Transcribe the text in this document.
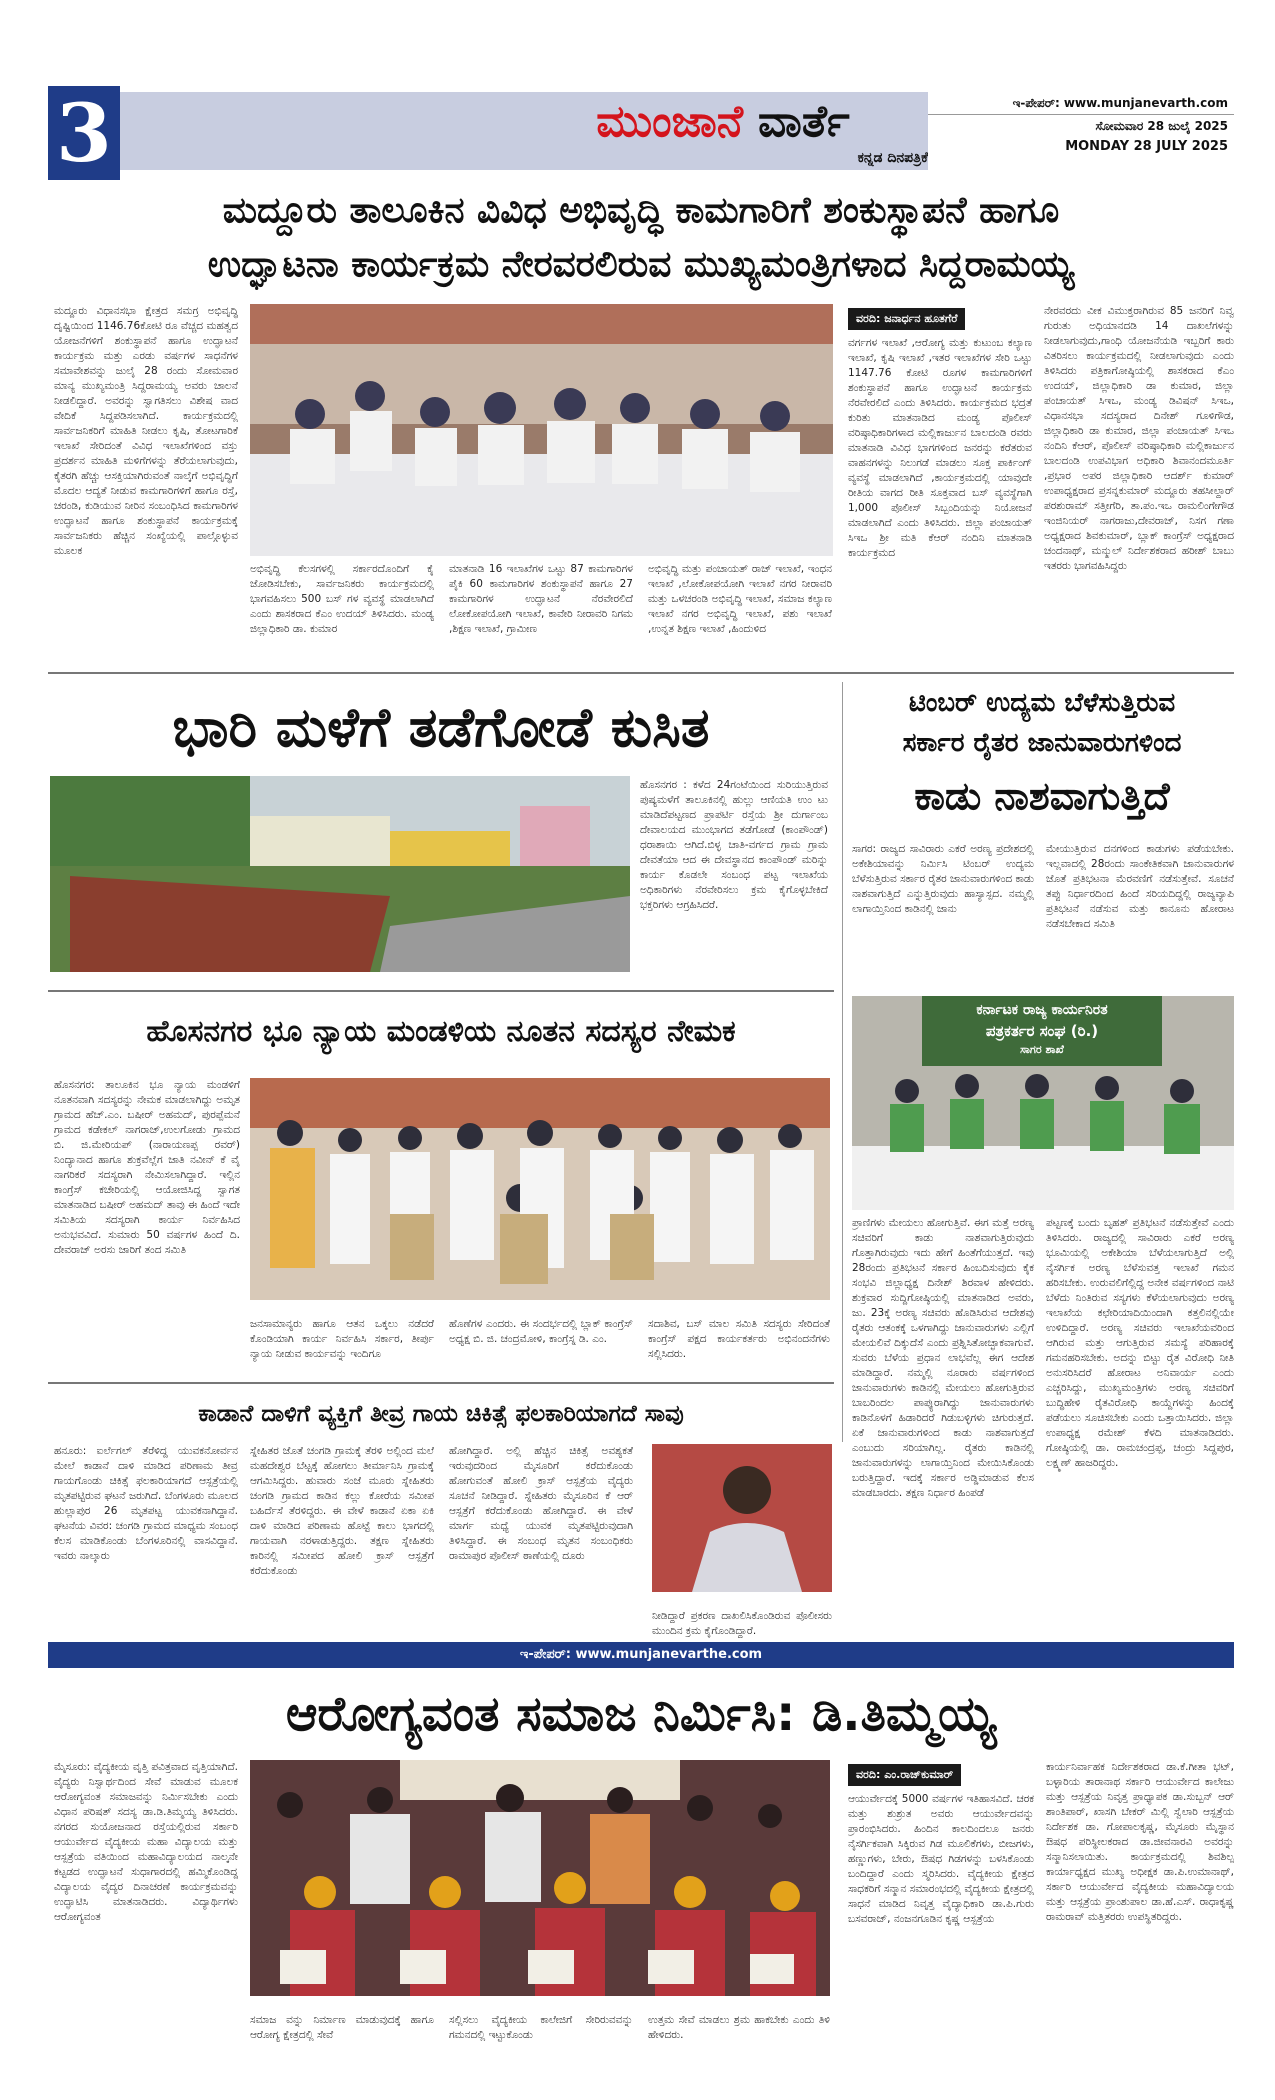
3	ಮುಂಜಾನೆ ವಾರ್ತೆ
ಕನ್ನಡ ದಿನಪತ್ರಿಕೆ
ಇ-ಪೇಪರ್: www.munjanevarth.com
ಸೋಮವಾರ 28 ಜುಲೈ 2025
MONDAY 28 JULY 2025
ಮದ್ದೂರು ತಾಲೂಕಿನ ವಿವಿಧ ಅಭಿವೃದ್ಧಿ ಕಾಮಗಾರಿಗೆ ಶಂಕುಸ್ಥಾಪನೆ ಹಾಗೂ
ಉದ್ಘಾಟನಾ ಕಾರ್ಯಕ್ರಮ ನೇರವರಲಿರುವ ಮುಖ್ಯಮಂತ್ರಿಗಳಾದ ಸಿದ್ದರಾಮಯ್ಯ

ಮದ್ದೂರು ವಿಧಾನಸಭಾ ಕ್ಷೇತ್ರದ ಸಮಗ್ರ ಅಭಿವೃದ್ಧಿ ದೃಷ್ಟಿಯಿಂದ 1146.76ಕೋಟಿ ರೂ ವೆಚ್ಚದ ಮಹತ್ವದ ಯೋಜನೆಗಳಿಗೆ ಶಂಕುಸ್ಥಾಪನೆ ಹಾಗೂ ಉದ್ಘಾಟನೆ ಕಾರ್ಯಕ್ರಮ ಮತ್ತು ಎರಡು ವರ್ಷಗಳ ಸಾಧನೆಗಳ ಸಮಾವೇಶವನ್ನು ಜುಲೈ 28 ರಂದು ಸೋಮವಾರ ಮಾನ್ಯ ಮುಖ್ಯಮಂತ್ರಿ ಸಿದ್ದರಾಮಯ್ಯ ಅವರು ಚಾಲನೆ ನೀಡಲಿದ್ದಾರೆ. ಅವರನ್ನು ಸ್ವಾಗತಿಸಲು ವಿಶೇಷ ವಾದ ವೇದಿಕೆ ಸಿದ್ದಪಡಿಸಲಾಗಿದೆ. ಕಾರ್ಯಕ್ರಮದಲ್ಲಿ ಸಾರ್ವಜನಿಕರಿಗೆ ಮಾಹಿತಿ ನೀಡಲು ಕೃಷಿ, ತೋಟಗಾರಿಕೆ ಇಲಾಖೆ ಸೇರಿದಂತೆ ವಿವಿಧ ಇಲಾಖೆಗಳಿಂದ ವಸ್ತು ಪ್ರದರ್ಶನ ಮಾಹಿತಿ ಮಳಿಗೆಗಳನ್ನು ತೆರೆಯಲಾಗುವುದು, ಕೈತರಗಿ ಹೆಚ್ಚು ಆಸಕ್ತಿಯಾಗಿರುವಂತೆ ನಾಲ್ಕೆಗೆ ಅಭಿವೃದ್ಧಿಗೆ ಮೊದಲ ಆದ್ಯತೆ ನೀಡುವ ಕಾಮಗಾರಿಗಳಿಗೆ ಹಾಗೂ ರಸ್ತೆ, ಚರಂಡಿ, ಕುಡಿಯುವ ನೀರಿನ ಸಂಬಂಧಿಸಿದ ಕಾಮಗಾರಿಗಳ ಉದ್ಘಾಟನೆ ಹಾಗೂ ಶಂಕುಸ್ಥಾಪನೆ ಕಾರ್ಯಕ್ರಮಕ್ಕೆ ಸಾರ್ವಜನಿಕರು ಹೆಚ್ಚಿನ ಸಂಖ್ಯೆಯಲ್ಲಿ ಪಾಲ್ಗೊಳ್ಳುವ ಮೂಲಕ

ಅಭಿವೃದ್ಧಿ ಕೆಲಸಗಳಲ್ಲಿ ಸರ್ಕಾರದೊಂದಿಗೆ ಕೈ ಜೋಡಿಸಬೇಕು, ಸಾರ್ವಜನಿಕರು ಕಾರ್ಯಕ್ರಮದಲ್ಲಿ ಭಾಗವಹಿಸಲು 500 ಬಸ್ ಗಳ ವ್ಯವಸ್ಥೆ ಮಾಡಲಾಗಿದೆ ಎಂದು ಶಾಸಕರಾದ ಕೆಎಂ ಉದಯ್ ತಿಳಿಸಿದರು. ಮಂಡ್ಯ ಜಿಲ್ಲಾಧಿಕಾರಿ ಡಾ. ಕುಮಾರ

ಮಾತನಾಡಿ 16 ಇಲಾಖೆಗಳ ಒಟ್ಟು 87 ಕಾಮಗಾರಿಗಳ ಪೈಕಿ 60 ಕಾಮಗಾರಿಗಳ ಶಂಕುಸ್ಥಾಪನೆ ಹಾಗೂ 27 ಕಾಮಗಾರಿಗಳ ಉದ್ಘಾಟನೆ ನೆರವೇರಲಿದೆ ಲೋಕೋಪಯೋಗಿ ಇಲಾಖೆ, ಕಾವೇರಿ ನೀರಾವರಿ ನಿಗಮ ,ಶಿಕ್ಷಣ ಇಲಾಖೆ, ಗ್ರಾಮೀಣ

ಅಭಿವೃದ್ಧಿ ಮತ್ತು ಪಂಚಾಯತ್ ರಾಜ್ ಇಲಾಖೆ, ಇಂಧನ ಇಲಾಖೆ ,ಲೋಕೋಪಯೋಗಿ ಇಲಾಖೆ ನಗರ ನೀರಾವರಿ ಮತ್ತು ಒಳಚರಂಡಿ ಅಭಿವೃದ್ಧಿ ಇಲಾಖೆ, ಸಮಾಜ ಕಲ್ಯಾಣ ಇಲಾಖೆ ನಗರ ಅಭಿವೃದ್ಧಿ ಇಲಾಖೆ, ಪಶು ಇಲಾಖೆ ,ಉನ್ನತ ಶಿಕ್ಷಣ ಇಲಾಖೆ ,ಹಿಂದುಳಿದ

ವರದಿ: ಜನಾರ್ಧನ ಹೂತಗೆರೆ

ವರ್ಗಗಳ ಇಲಾಖೆ ,ಆರೋಗ್ಯ ಮತ್ತು ಕುಟುಂಬ ಕಲ್ಯಾಣ ಇಲಾಖೆ, ಕೃಷಿ ಇಲಾಖೆ ,ಇತರ ಇಲಾಖೆಗಳ ಸೇರಿ ಒಟ್ಟು 1147.76 ಕೋಟಿ ರೂಗಳ ಕಾಮಗಾರಿಗಳಿಗೆ ಶಂಕುಸ್ಥಾಪನೆ ಹಾಗೂ ಉದ್ಘಾಟನೆ ಕಾರ್ಯಕ್ರಮ ನೆರವೇರಲಿದೆ ಎಂದು ತಿಳಿಸಿದರು. ಕಾರ್ಯಕ್ರಮದ ಭದ್ರತೆ ಕುರಿತು ಮಾತನಾಡಿದ ಮಂಡ್ಯ ಪೊಲೀಸ್ ವರಿಷ್ಠಾಧಿಕಾರಿಗಳಾದ ಮಲ್ಲಿಕಾರ್ಜುನ ಬಾಲದಂಡಿ ರವರು ಮಾತನಾಡಿ ವಿವಿಧ ಭಾಗಗಳಿಂದ ಜನರನ್ನು ಕರೆತರುವ ವಾಹನಗಳನ್ನು ನಿಲುಗಡೆ ಮಾಡಲು ಸೂಕ್ತ ಪಾರ್ಕಿಂಗ್ ವ್ಯವಸ್ಥೆ ಮಾಡಲಾಗಿದೆ ,ಕಾರ್ಯಕ್ರಮದಲ್ಲಿ ಯಾವುದೇ ರೀತಿಯ ವಾಗದ ರೀತಿ ಸೂಕ್ತವಾದ ಬಸ್ ವ್ಯವಸ್ಥೆಗಾಗಿ 1,000 ಪೊಲೀಸ್ ಸಿಬ್ಬಂದಿಯನ್ನು ನಿಯೋಜನೆ ಮಾಡಲಾಗಿದೆ ಎಂದು ತಿಳಿಸಿದರು. ಜಿಲ್ಲಾ ಪಂಚಾಯತ್ ಸಿಇಒ ಶ್ರೀ ಮತಿ ಕೆಆರ್ ನಂದಿನಿ ಮಾತನಾಡಿ ಕಾರ್ಯಕ್ರಮದ

ನೇರವರದು ವೀಕ ವಿಮುಕ್ತರಾಗಿರುವ 85 ಜನರಿಗೆ ನಿವ್ವ ಗುರುತು ಅಧಿಯಾನದಡಿ 14 ದಾಖಲೆಗಳನ್ನು ನೀಡಲಾಗುವುದು,ಗಾಂಧಿ ಯೋಜನೆಯಡಿ ಇಬ್ಬರಿಗೆ ಕಾರು ವಿತರಿಸಲು ಕಾರ್ಯಕ್ರಮದಲ್ಲಿ ನೀಡಲಾಗುವುದು ಎಂದು ತಿಳಿಸಿದರು ಪತ್ರಿಕಾಗೋಷ್ಠಿಯಲ್ಲಿ ಶಾಸಕರಾದ ಕೆಎಂ ಉದಯ್, ಜಿಲ್ಲಾಧಿಕಾರಿ ಡಾ ಕುಮಾರ, ಜಿಲ್ಲಾ ಪಂಚಾಯತ್ ಸಿಇಒ, ಮಂಡ್ಯ ಡಿವಿಷನ್ ಸಿಇಒ, ವಿಧಾನಸಭಾ ಸದಸ್ಯರಾದ ದಿನೇಶ್ ಗೂಳಿಗೌಡ, ಜಿಲ್ಲಾಧಿಕಾರಿ ಡಾ ಕುಮಾರ, ಜಿಲ್ಲಾ ಪಂಚಾಯತ್ ಸಿಇಒ ನಂದಿನಿ ಕೆಆರ್, ಪೊಲೀಸ್ ವರಿಷ್ಠಾಧಿಕಾರಿ ಮಲ್ಲಿಕಾರ್ಜುನ ಬಾಲದಂಡಿ ಉಪವಿಭಾಗ ಅಧಿಕಾರಿ ಶಿವಾನಂದಮೂರ್ತಿ ,ಪ್ರಭಾರ ಅಪರ ಜಿಲ್ಲಾಧಿಕಾರಿ ಆದರ್ಶ್ ಕುಮಾರ್ ಉಪಾಧ್ಯಕ್ಷರಾದ ಪ್ರಸನ್ನಕುಮಾರ್ ಮದ್ದೂರು ತಹಸೀಲ್ದಾರ್ ಪರಶುರಾಮ್ ಸತ್ತೀಗೆರಿ, ತಾ.ಪಂ.ಇಒ ರಾಮಲಿಂಗೇಗೌಡ ಇಂಜಿನಿಯರ್ ನಾಗರಾಜು,ದೇವರಾಜ್, ನಿಸಗ ಗಣಾ ಅಧ್ಯಕ್ಷರಾದ ಶಿವಕುಮಾರ್, ಬ್ಲಾಕ್ ಕಾಂಗ್ರೆಸ್ ಅಧ್ಯಕ್ಷರಾದ ಚಂದನಾಥ್, ಮನ್ಮುಲ್ ನಿರ್ದೇಶಕರಾದ ಹರೀಶ್ ಬಾಬು ಇತರರು ಭಾಗವಹಿಸಿದ್ದರು

ಭಾರಿ ಮಳೆಗೆ ತಡೆಗೋಡೆ ಕುಸಿತ

ಹೊಸನಗರ : ಕಳೆದ 24ಗಂಟೆಯಿಂದ ಸುರಿಯುತ್ತಿರುವ ಪುಷ್ಯಮಳೆಗೆ ತಾಲೂಕಿನಲ್ಲಿ ಹುಲ್ಲು ಆಣಿಯತಿ ಉಂ ಟು ಮಾಡಿದೆಪಟ್ಟಣದ ಪ್ರಾಪರ್ಟಿ ರಸ್ತೆಯ ಶ್ರೀ ದುರ್ಗಾಂಬ ದೇವಾಲಯದ ಮುಂಭಾಗದ ತಡೆಗೋಡೆ (ಕಾಂಪೌಂಡ್) ಧರಾಶಾಯಿ ಆಗಿದೆ.ಬಿಳ್ಳ ಚಾತಿ-ವರ್ಗದ ಗ್ರಾಮ ಗ್ರಾಮ ದೇವತೆಯಾ ಆದ ಈ ದೇವಸ್ಥಾನದ ಕಾಂಪೌಂಡ್ ಮರಿನ್ನು ಕಾರ್ಯ ಕೊಡಲೇ ಸಂಬಂಧ ಪಟ್ಟ ಇಲಾಖೆಯ ಅಧಿಕಾರಿಗಳು ನೆರವೇರಿಸಲು ಕ್ರಮ ಕೈಗೊಳ್ಳಬೇಕಿದೆ ಭಕ್ತರಿಗಳು ಆಗ್ರಹಿಸಿದರೆ.

ಟಿಂಬರ್ ಉದ್ಯಮ ಬೆಳೆಸುತ್ತಿರುವ
ಸರ್ಕಾರ ರೈತರ ಜಾನುವಾರುಗಳಿಂದ
ಕಾಡು ನಾಶವಾಗುತ್ತಿದೆ

ಸಾಗರ: ರಾಜ್ಯದ ಸಾವಿರಾರು ಎಕರೆ ಅರಣ್ಯ ಪ್ರದೇಶದಲ್ಲಿ ಅಕೇಶಿಯಾವನ್ನು ನಿರ್ಮಿಸಿ ಟಿಂಬರ್ ಉದ್ಯಮ ಬೆಳೆಸುತ್ತಿರುವ ಸರ್ಕಾರ ರೈತರ ಜಾನುವಾರುಗಳಿಂದ ಕಾಡು ನಾಶವಾಗುತ್ತಿದೆ ಎನ್ನುತ್ತಿರುವುದು ಹಾಸ್ಯಾಸ್ಪದ. ನಮ್ಮಲ್ಲಿ ಲಾಗಾಯ್ತಿನಿಂದ ಕಾಡಿನಲ್ಲಿ ಜಾನು

ಮೇಯುತ್ತಿರುವ ದನಗಳಿಂದ ಕಾಡುಗಳು ಪಡೆಯಬೇಕು. ಇಲ್ಲವಾದಲ್ಲಿ 28ರಂದು ಸಾಂಕೇತಿಕವಾಗಿ ಜಾನುವಾರುಗಳ ಜೊತೆ ಪ್ರತಿಭಟನಾ ಮೆರವಣಿಗೆ ನಡೆಸುತ್ತೇವೆ. ಸೂಚನೆ ತಪ್ಪು ನಿರ್ಧಾರದಿಂದ ಹಿಂದೆ ಸರಿಯದಿದ್ದಲ್ಲಿ ರಾಜ್ಯವ್ಯಾಪಿ ಪ್ರತಿಭಟನೆ ನಡೆಸುವ ಮತ್ತು ಕಾನೂನು ಹೋರಾಟ ನಡೆಸಬೇಕಾದ ಸಮಿತಿ

ಕರ್ನಾಟಕ ರಾಜ್ಯ ಕಾರ್ಯನಿರತ
ಪತ್ರಕರ್ತರ ಸಂಘ (ರಿ.)
ಸಾಗರ ಶಾಖೆ

ಪ್ರಾಣಿಗಳು ಮೇಯಲು ಹೋಗುತ್ತಿವೆ. ಈಗ ಮತ್ತೆ ಅರಣ್ಯ ಸಚಿವರಿಗೆ ಕಾಡು ನಾಶವಾಗುತ್ತಿರುವುದು ಗೊತ್ತಾಗಿರುವುದು ಇದು ಹೇಗೆ ಹಿಂತೆಗೆಯುತ್ತದೆ. ಇವು 28ರಂದು ಪ್ರತಿಭಟನೆ ಸರ್ಕಾರ ಹಿಂಬದಿಸುವುದು ಕೈಕ ಸಂಭವಿ ಜಿಲ್ಲಾಧ್ಯಕ್ಷ ದಿನೇಶ್ ಶಿರವಾಳ ಹೇಳಿದರು. ಶುಕ್ರವಾರ ಸುದ್ದಿಗೋಷ್ಠಿಯಲ್ಲಿ ಮಾತನಾಡಿದ ಅವರು, ಜು. 23ಕ್ಕೆ ಅರಣ್ಯ ಸಚಿವರು ಹೊಡಿಸಿರುವ ಆದೇಶವು ರೈತರು ಆತಂಕಕ್ಕೆ ಒಳಗಾಗಿದ್ದು ಜಾನುವಾರುಗಳು ಎಲ್ಲಿಗೆ ಮೇಯಲಿವೆ ದಿಕ್ಕುದೆಸೆ ಎಂದು ಪ್ರಶ್ನಿಸಿತೋಚ್ಛಾಕವಾಗುವೆ. ಸುವರು ಬೆಳೆಯ ಪ್ರಧಾನ ಲಾಭವೆಲ್ಲ ಈಗ ಆದೇಶ ಮಾಡಿದ್ದಾರೆ. ನಮ್ಮಲ್ಲಿ ನೂರಾರು ವರ್ಷಗಳಿಂದ ಜಾನುವಾರುಗಳು ಕಾಡಿನಲ್ಲಿ ಮೇಯಲು ಹೋಗುತ್ತಿರುವ ಬಾಬರಿಂದಲ ಪಾಪ್ಯುರಾಗಿದ್ದು ಜಾನುವಾರುಗಳು ಕಾಡಿನೊಳಗೆ ಹಿಡಾರಿದರೆ ಗಿಡುಬಳ್ಳಿಗಳು ಚಿಗುರುತ್ತದೆ. ಏಕೆ ಜಾನುವಾರುಗಳಿಂದ ಕಾಡು ನಾಶವಾಗುತ್ತದೆ ಎಂಬುದು ಸರಿಯಾಗಿಲ್ಲ. ರೈತರು ಕಾಡಿನಲ್ಲಿ ಜಾನುವಾರುಗಳನ್ನು ಲಾಗಾಯ್ತಿನಿಂದ ಮೇಯಿಸಿಕೊಂಡು ಬರುತ್ತಿದ್ದಾರೆ. ಇದಕ್ಕೆ ಸರ್ಕಾರ ಅಡ್ಡಿಮಾಡುವ ಕೆಲಸ ಮಾಡಬಾರದು. ತಕ್ಷಣ ನಿರ್ಧಾರ ಹಿಂಪಡೆ

ಪಟ್ಟಣಕ್ಕೆ ಬಂದು ಬೃಹತ್ ಪ್ರತಿಭಟನೆ ನಡೆಸುತ್ತೇವೆ ಎಂದು ತಿಳಿಸಿದರು. ರಾಜ್ಯದಲ್ಲಿ ಸಾವಿರಾರು ಎಕರೆ ಅರಣ್ಯ ಭೂಮಿಯಲ್ಲಿ ಅಕೇಶಿಯಾ ಬೆಳೆಯಲಾಗುತ್ತಿದೆ ಅಲ್ಲಿ ನೈಸರ್ಗಿಕ ಅರಣ್ಯ ಬೆಳೆಸುವತ್ತ ಇಲಾಖೆ ಗಮನ ಹರಿಸಬೇಕು. ಉರುವಲಿಗೆಲ್ಲಿದ್ದ ಅನೇಕ ವರ್ಷಗಳಿಂದ ನಾಟಿ ಬೆಳೆದು ನಿಂತಿರುವ ಸಸ್ಯಗಳು ಕೆಳೆಯಲಾಗುವುದು ಅರಣ್ಯ ಇಲಾಖೆಯ ಕಛೇರಿಯಾದಿಯಿಂದಾಗಿ ಕತ್ತಲಿನಲ್ಲಿಯೇ ಉಳಿದಿದ್ದಾರೆ. ಅರಣ್ಯ ಸಚಿವರು ಇಲಾಖೆಯವರಿಂದ ಆಗಿರುವ ಮತ್ತು ಆಗುತ್ತಿರುವ ಸಮಸ್ಯೆ ಪರಿಹಾರಕ್ಕೆ ಗಮನಹರಿಸಬೇಕು. ಅದನ್ನು ಬಿಟ್ಟು ರೈತ ವಿರೋಧಿ ನೀತಿ ಅನುಸರಿಸಿದರೆ ಹೋರಾಟ ಅನಿವಾರ್ಯ ಎಂದು ಎಚ್ಚರಿಸಿದ್ದು, ಮುಖ್ಯಮಂತ್ರಿಗಳು ಅರಣ್ಯ ಸಚಿವರಿಗೆ ಬುದ್ಧಿಹೇಳಿ ರೈತವಿರೋಧಿ ಕಾಯ್ದೆಗಳನ್ನು ಹಿಂದಕ್ಕೆ ಪಡೆಯಲು ಸೂಚಿಸಬೇಕು ಎಂದು ಒತ್ತಾಯಿಸಿದರು. ಜಿಲ್ಲಾ ಉಪಾಧ್ಯಕ್ಷ ರಮೇಶ್ ಕೆಳದಿ ಮಾತನಾಡಿದರು. ಗೋಷ್ಠಿಯಲ್ಲಿ ಡಾ. ರಾಮಚಂದ್ರಪ್ಪ, ಚಂದ್ರು ಸಿದ್ದಪುರ, ಲಕ್ಷ್ಮಣ್ ಹಾಜರಿದ್ದರು.

ಹೊಸನಗರ ಭೂ ನ್ಯಾಯ ಮಂಡಳಿಯ ನೂತನ ಸದಸ್ಯರ ನೇಮಕ

ಹೊಸನಗರ: ತಾಲೂಕಿನ ಭೂ ನ್ಯಾಯ ಮಂಡಳಿಗೆ ನೂತನವಾಗಿ ಸದಸ್ಯರನ್ನು ನೇಮಕ ಮಾಡಲಾಗಿದ್ದು ಅಮೃತ ಗ್ರಾಮದ ಹೆಚ್.ಎಂ. ಬಷೀರ್ ಅಹಮದ್, ಪುರಪ್ಪೆಮನೆ ಗ್ರಾಮದ ಕಡೇಕಲ್ ನಾಗರಾಜ್,ಉಲಗೋಡು ಗ್ರಾಮದ ಬಿ. ಜಿ.ಮೇರಿಯಪ್ (ನಾರಾಯಣಪ್ಪ ರವರ್) ನಿಂದ್ಯಾನಾದ ಹಾಗೂ ಶುಕ್ರವೆಲ್ಲೆಗ ಜಾತಿ ನವೀನ್ ಕೆ ವೈ ನಾಗರಿಕರೆ ಸದಸ್ಯರಾಗಿ ನೇಮಿಸಲಾಗಿದ್ದಾರೆ. ಇಲ್ಲಿನ ಕಾಂಗ್ರೆಸ್ ಕಚೇರಿಯಲ್ಲಿ ಆಯೋಜಿಸಿದ್ದ ಸ್ವಾಗತ ಮಾತನಾಡಿದ ಬಷೀರ್ ಅಹಮದ್ ತಾವು ಈ ಹಿಂದೆ ಇದೇ ಸಮಿತಿಯ ಸದಸ್ಯರಾಗಿ ಕಾರ್ಯ ನಿರ್ವಹಿಸಿದ ಅನುಭವವಿದೆ. ಸುಮಾರು 50 ವರ್ಷಗಳ ಹಿಂದೆ ದಿ. ದೇವರಾಜ್ ಅರಸು ಜಾರಿಗೆ ತಂದ ಸಮಿತಿ

ಜನಸಾಮಾನ್ಯರು ಹಾಗೂ ಆತನ ಒಕ್ಕಲು ನಡೆದರೆ ಕೊಂಡಿಯಾಗಿ ಕಾರ್ಯ ನಿರ್ವಹಿಸಿ ಸರ್ಕಾರ, ತೀರ್ಪು ನ್ಯಾಯ ನೀಡುವ ಕಾರ್ಯವನ್ನು ಇಂದಿಗೂ

ಹೊಣೆಗಳ ಎಂದರು. ಈ ಸಂದರ್ಭದಲ್ಲಿ ಬ್ಲಾಕ್ ಕಾಂಗ್ರೆಸ್ ಅಧ್ಯಕ್ಷ ಬಿ. ಜಿ. ಚಂದ್ರಮೋಳಿ, ಕಾಂಗ್ರೆಸ್ನ ಡಿ. ಎಂ.

ಸದಾಶಿವ, ಬಸ್ ಮಾಲ ಸಮಿತಿ ಸದಸ್ಯರು ಸೇರಿದಂತೆ ಕಾಂಗ್ರೆಸ್ ಪಕ್ಷದ ಕಾರ್ಯಕರ್ತರು ಅಭಿನಂದನೆಗಳು ಸಲ್ಲಿಸಿದರು.

ಕಾಡಾನೆ ದಾಳಿಗೆ ವ್ಯಕ್ತಿಗೆ ತೀವ್ರ ಗಾಯ ಚಿಕಿತ್ಸೆ ಫಲಕಾರಿಯಾಗದೆ ಸಾವು

ಹನೂರು: ಐರ್ಲೆಗಲ್ ತೆರೆಳಿದ್ದ ಯುವಕನೋರ್ವನ ಮೇಲೆ ಕಾಡಾನೆ ದಾಳಿ ಮಾಡಿದ ಪರಿಣಾಮ ತೀವ್ರ ಗಾಯಗೊಂಡು ಚಿಕಿತ್ಸೆ ಫಲಕಾರಿಯಾಗದೆ ಆಸ್ಪತ್ರೆಯಲ್ಲಿ ಮೃತಪಟ್ಟಿರುವ ಘಟನೆ ಜರುಗಿದೆ. ಬೆಂಗಳೂರು ಮೂಲದ ಹುಲ್ಲಾಪುರ 26 ಮೃತಪಟ್ಟ ಯುವಕನಾಗಿದ್ದಾನೆ. ಘಟನೆಯ ವಿವರ: ಚಂಗಡಿ ಗ್ರಾಮದ ಮಾಧ್ಯಮ ಸಂಬಂಧ ಕೆಲಸ ಮಾಡಿಕೊಂಡು ಬೆಂಗಳೂರಿನಲ್ಲಿ ವಾಸವಿದ್ದಾನೆ. ಇವರು ನಾಲ್ಕಾರು

ಸ್ನೇಹಿತರ ಜೊತೆ ಚಂಗಡಿ ಗ್ರಾಮಕ್ಕೆ ತೆರಳಿ ಅಲ್ಲಿಂದ ಮಲೆ ಮಹದೇಶ್ವರ ಬೆಟ್ಟಕ್ಕೆ ಹೋಗಲು ತೀರ್ಮಾನಿಸಿ ಗ್ರಾಮಕ್ಕೆ ಆಗಮಿಸಿದ್ದರು. ಹುವಾರು ಸಂಜೆ ಮೂರು ಸ್ನೇಹಿತರು ಚಂಗಡಿ ಗ್ರಾಮದ ಕಾಡಿನ ಕಲ್ಲು ಕೋರೆಯ ಸಮೀಪ ಬಹಿರ್ದೆಸೆ ತೆರಳಿದ್ದರು. ಈ ವೇಳೆ ಕಾಡಾನೆ ಏಕಾ ಏಕಿ ದಾಳಿ ಮಾಡಿದ ಪರಿಣಾಮ ಹೊಟ್ಟೆ ಕಾಲು ಭಾಗದಲ್ಲಿ ಗಾಯವಾಗಿ ನರಳಾಡುತ್ತಿದ್ದರು. ತಕ್ಷಣ ಸ್ನೇಹಿತರು ಕಾರಿನಲ್ಲಿ ಸಮೀಪದ ಹೋಲಿ ಕ್ರಾಸ್ ಆಸ್ಪತ್ರೆಗೆ ಕರೆದುಕೊಂಡು

ಹೋಗಿದ್ದಾರೆ. ಅಲ್ಲಿ ಹೆಚ್ಚಿನ ಚಿಕಿತ್ಸೆ ಅವಶ್ಯಕತೆ ಇರುವುದರಿಂದ ಮೈಸೂರಿಗೆ ಕರೆದುಕೊಂಡು ಹೋಗುವಂತೆ ಹೋಲಿ ಕ್ರಾಸ್ ಆಸ್ಪತ್ರೆಯ ವೈದ್ಯರು ಸೂಚನೆ ನೀಡಿದ್ದಾರೆ. ಸ್ನೇಹಿತರು ಮೈಸೂರಿನ ಕೆ ಆರ್ ಆಸ್ಪತ್ರೆಗೆ ಕರೆದುಕೊಂಡು ಹೋಗಿದ್ದಾರೆ. ಈ ವೇಳೆ ಮಾರ್ಗ ಮಧ್ಯೆ ಯುವಕ ಮೃತಪಟ್ಟಿರುವುದಾಗಿ ತಿಳಿಸಿದ್ದಾರೆ. ಈ ಸಂಬಂಧ ಮೃತನ ಸಂಬಂಧಿಕರು ರಾಮಾಪುರ ಪೊಲೀಸ್ ಠಾಣೆಯಲ್ಲಿ ದೂರು

ನೀಡಿದ್ದಾರೆ ಪ್ರಕರಣ ದಾಖಲಿಸಿಕೊಂಡಿರುವ ಪೊಲೀಸರು ಮುಂದಿನ ಕ್ರಮ ಕೈಗೊಂಡಿದ್ದಾರೆ.

ಇ-ಪೇಪರ್: www.munjanevarthe.com
ಆರೋಗ್ಯವಂತ ಸಮಾಜ ನಿರ್ಮಿಸಿ: ಡಿ.ತಿಮ್ಮಯ್ಯ

ಮೈಸೂರು: ವೈದ್ಯಕೀಯ ವೃತ್ತಿ ಪವಿತ್ರವಾದ ವೃತ್ತಿಯಾಗಿದೆ. ವೈದ್ಯರು ನಿಸ್ವಾರ್ಥದಿಂದ ಸೇವೆ ಮಾಡುವ ಮೂಲಕ ಆರೋಗ್ಯವಂತ ಸಮಾಜವನ್ನು ನಿರ್ಮಿಸಬೇಕು ಎಂದು ವಿಧಾನ ಪರಿಷತ್ ಸದಸ್ಯ ಡಾ.ಡಿ.ತಿಮ್ಮಯ್ಯ ತಿಳಿಸಿದರು. ನಗರದ ಸುಯೋಜನಾದ ರಸ್ತೆಯಲ್ಲಿರುವ ಸರ್ಕಾರಿ ಆಯುರ್ವೇದ ವೈದ್ಯಕೀಯ ಮಹಾ ವಿದ್ಯಾಲಯ ಮತ್ತು ಆಸ್ಪತ್ರೆಯ ವತಿಯಿಂದ ಮಹಾವಿದ್ಯಾಲಯದ ನಾಲ್ಕನೇ ಕಟ್ಟಡದ ಉದ್ಘಾಟನೆ ಸುಧಾಗಾರದಲ್ಲಿ ಹಮ್ಮಿಕೊಂಡಿದ್ದ ವಿದ್ಯಾಲಯ ವೈದ್ಯರ ದಿನಾಚರಣೆ ಕಾರ್ಯಕ್ರಮವನ್ನು ಉದ್ಘಾಟಿಸಿ ಮಾತನಾಡಿದರು. ವಿದ್ಯಾರ್ಥಿಗಳು ಆರೋಗ್ಯವಂತ

ಸಮಾಜ ವನ್ನು ನಿರ್ಮಾಣ ಮಾಡುವುದಕ್ಕೆ ಹಾಗೂ ಆರೋಗ್ಯ ಕ್ಷೇತ್ರದಲ್ಲಿ ಸೇವೆ

ಸಲ್ಲಿಸಲು ವೈದ್ಯಕೀಯ ಕಾಲೇಜಿಗೆ ಸೇರಿರುವವನ್ನು ಗಮನದಲ್ಲಿ ಇಟ್ಟುಕೊಂಡು

ಉತ್ತಮ ಸೇವೆ ಮಾಡಲು ಶ್ರಮ ಹಾಕಬೇಕು ಎಂದು ತಿಳಿ ಹೇಳಿದರು.

ವರದಿ: ಎಂ.ರಾಜ್‌ಕುಮಾರ್

ಆಯುರ್ವೇದಕ್ಕೆ 5000 ವರ್ಷಗಳ ಇತಿಹಾಸವಿದೆ. ಚರಕ ಮತ್ತು ಶುಶ್ರುತ ಅವರು ಆಯುರ್ವೇದವನ್ನು ಪ್ರಾರಂಭಿಸಿದರು. ಹಿಂದಿನ ಕಾಲದಿಂದಲೂ ಜನರು ನೈಸರ್ಗಿಕವಾಗಿ ಸಿಕ್ಕಿರುವ ಗಿಡ ಮೂಲಿಕೆಗಳು, ಬೀಜಗಳು, ಹಣ್ಣುಗಳು, ಬೇರು, ಔಷಧ ಗಿಡಗಳನ್ನು ಬಳಸಿಕೊಂಡು ಬಂದಿದ್ದಾರೆ ಎಂದು ಸ್ಮರಿಸಿದರು. ವೈದ್ಯಕೀಯ ಕ್ಷೇತ್ರದ ಸಾಧಕರಿಗೆ ಸನ್ಮಾನ ಸಮಾರಂಭದಲ್ಲಿ ವೈದ್ಯಕೀಯ ಕ್ಷೇತ್ರದಲ್ಲಿ ಸಾಧನೆ ಮಾಡಿದ ನಿವೃತ್ತ ವೈದ್ಯಾಧಿಕಾರಿ ಡಾ.ಪಿ.ಗುರು ಬಸವರಾಜ್, ನಂಜನಗೂಡಿನ ಕೃಷ್ಣ ಆಸ್ಪತ್ರೆಯ

ಕಾರ್ಯನಿರ್ವಾಹಕ ನಿರ್ದೇಶಕರಾದ ಡಾ.ಕೆ.ಗೀತಾ ಭಟ್, ಬಳ್ಳಾರಿಯ ತಾರಾನಾಥ ಸರ್ಕಾರಿ ಆಯುರ್ವೇದ ಕಾಲೇಜು ಮತ್ತು ಆಸ್ಪತ್ರೆಯ ನಿವೃತ್ತ ಪ್ರಾಧ್ಯಾಪಕ ಡಾ.ಸುಬ್ಬನ್ ಆರ್ ಶಾಂತಿಪಾರ್, ಖಾಸಗಿ ಬೇಕರ್ ಮಿಲ್ಲಿ ಸ್ವೆಲಾರಿ ಆಸ್ಪತ್ರೆಯ ನಿರ್ದೇಶಕ ಡಾ. ಗೋಪಾಲಕೃಷ್ಣ, ಮೈಸೂರು ಮೈಸ್ಥಾನ ಔಷಧ ಪರಿಸ್ಥೀಲಕರಾದ ಡಾ.ಜೀವನಾರವಿ ಅವರನ್ನು ಸನ್ಮಾನಿಸಲಾಯಿತು. ಕಾರ್ಯಕ್ರಮದಲ್ಲಿ ಶಿವಶಿಲ್ಪ ಕಾರ್ಯಾಧ್ಯಕ್ಷದ ಮುಖ್ಯ ಅಧೀಕ್ಷಕ ಡಾ.ಪಿ.ಉಮಾನಾಥ್, ಸರ್ಕಾರಿ ಆಯುರ್ವೇದ ವೈದ್ಯಕೀಯ ಮಹಾವಿದ್ಯಾಲಯ ಮತ್ತು ಆಸ್ಪತ್ರೆಯ ಪ್ರಾಂಶುಪಾಲ ಡಾ.ಹೆ.ಎಸ್. ರಾಧಾಕೃಷ್ಣ ರಾಮರಾವ್ ಮತ್ತಿತರರು ಉಪಸ್ಥಿತರಿದ್ದರು.
